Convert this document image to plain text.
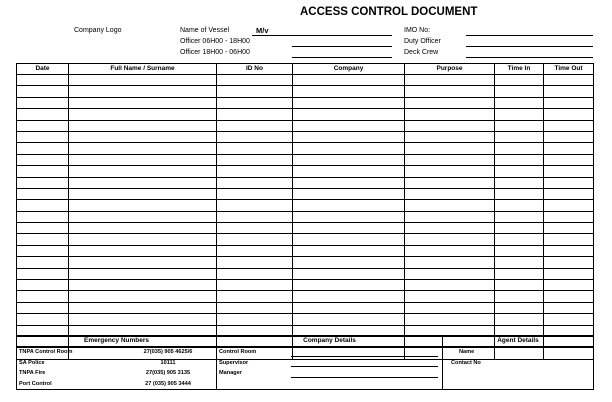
ACCESS CONTROL DOCUMENT
Company Logo	Name of Vessel	M/v
Officer 06H00 - 18H00
Officer 18H00 - 06H00
IMO No:
Duty Officer
Deck Crew
Date	Full Name / Surname	ID No	Company	Purpose	Time In	Time Out

Emergency Numbers
TNPA Control Room	27(035) 905 4625/6
SA Police	10111
TNPA Fire	27(035) 905 3135
Port Control	27 (035) 905 3444

Company Details
Control Room
Supervisor
Manager

Agent Details
Name
Contact No
